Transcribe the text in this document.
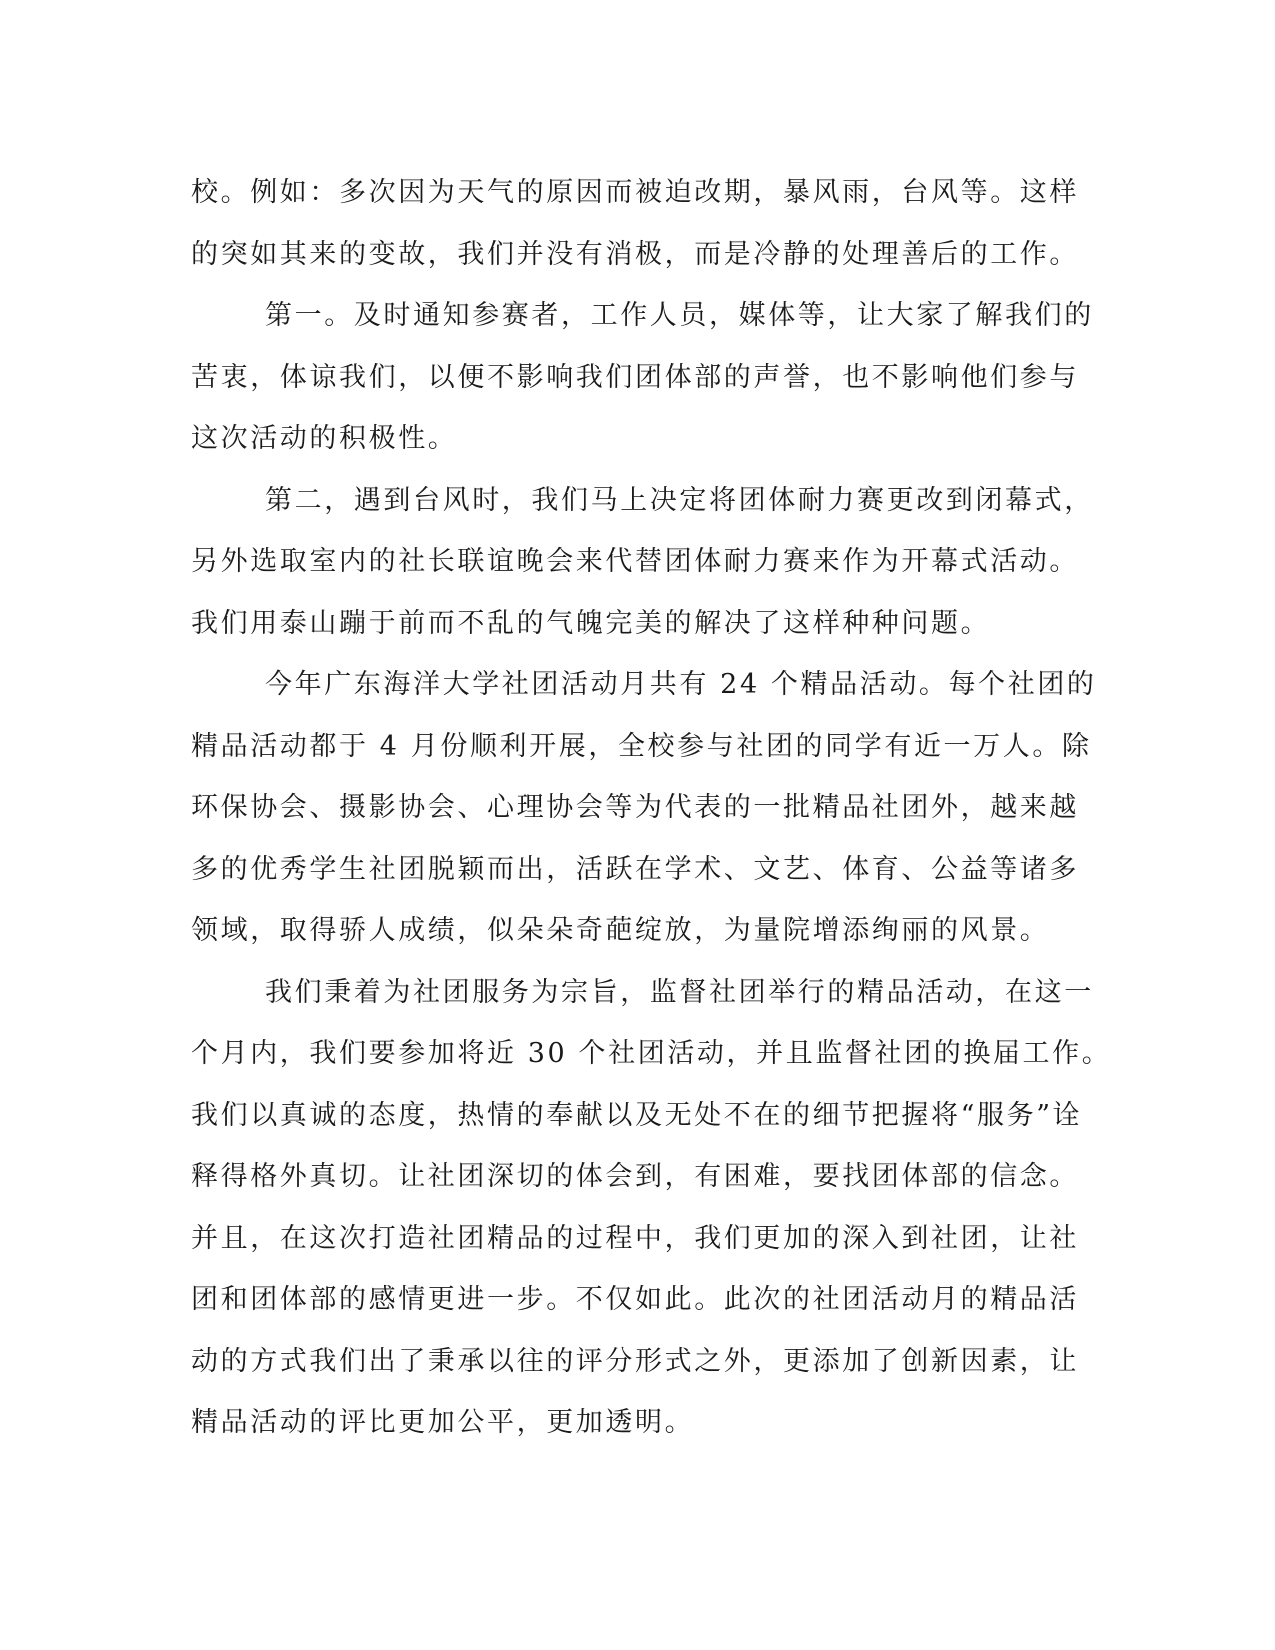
校。例如：多次因为天气的原因而被迫改期，暴风雨，台风等。这样
的突如其来的变故，我们并没有消极，而是冷静的处理善后的工作。
第一。及时通知参赛者，工作人员，媒体等，让大家了解我们的
苦衷，体谅我们，以便不影响我们团体部的声誉，也不影响他们参与
这次活动的积极性。
第二，遇到台风时，我们马上决定将团体耐力赛更改到闭幕式，
另外选取室内的社长联谊晚会来代替团体耐力赛来作为开幕式活动。
我们用泰山蹦于前而不乱的气魄完美的解决了这样种种问题。
今年广东海洋大学社团活动月共有 24 个精品活动。每个社团的
精品活动都于 4 月份顺利开展，全校参与社团的同学有近一万人。除
环保协会、摄影协会、心理协会等为代表的一批精品社团外，越来越
多的优秀学生社团脱颖而出，活跃在学术、文艺、体育、公益等诸多
领域，取得骄人成绩，似朵朵奇葩绽放，为量院增添绚丽的风景。
我们秉着为社团服务为宗旨，监督社团举行的精品活动，在这一
个月内，我们要参加将近 30 个社团活动，并且监督社团的换届工作。
我们以真诚的态度，热情的奉献以及无处不在的细节把握将“服务”诠
释得格外真切。让社团深切的体会到，有困难，要找团体部的信念。
并且，在这次打造社团精品的过程中，我们更加的深入到社团，让社
团和团体部的感情更进一步。不仅如此。此次的社团活动月的精品活
动的方式我们出了秉承以往的评分形式之外，更添加了创新因素，让
精品活动的评比更加公平，更加透明。
